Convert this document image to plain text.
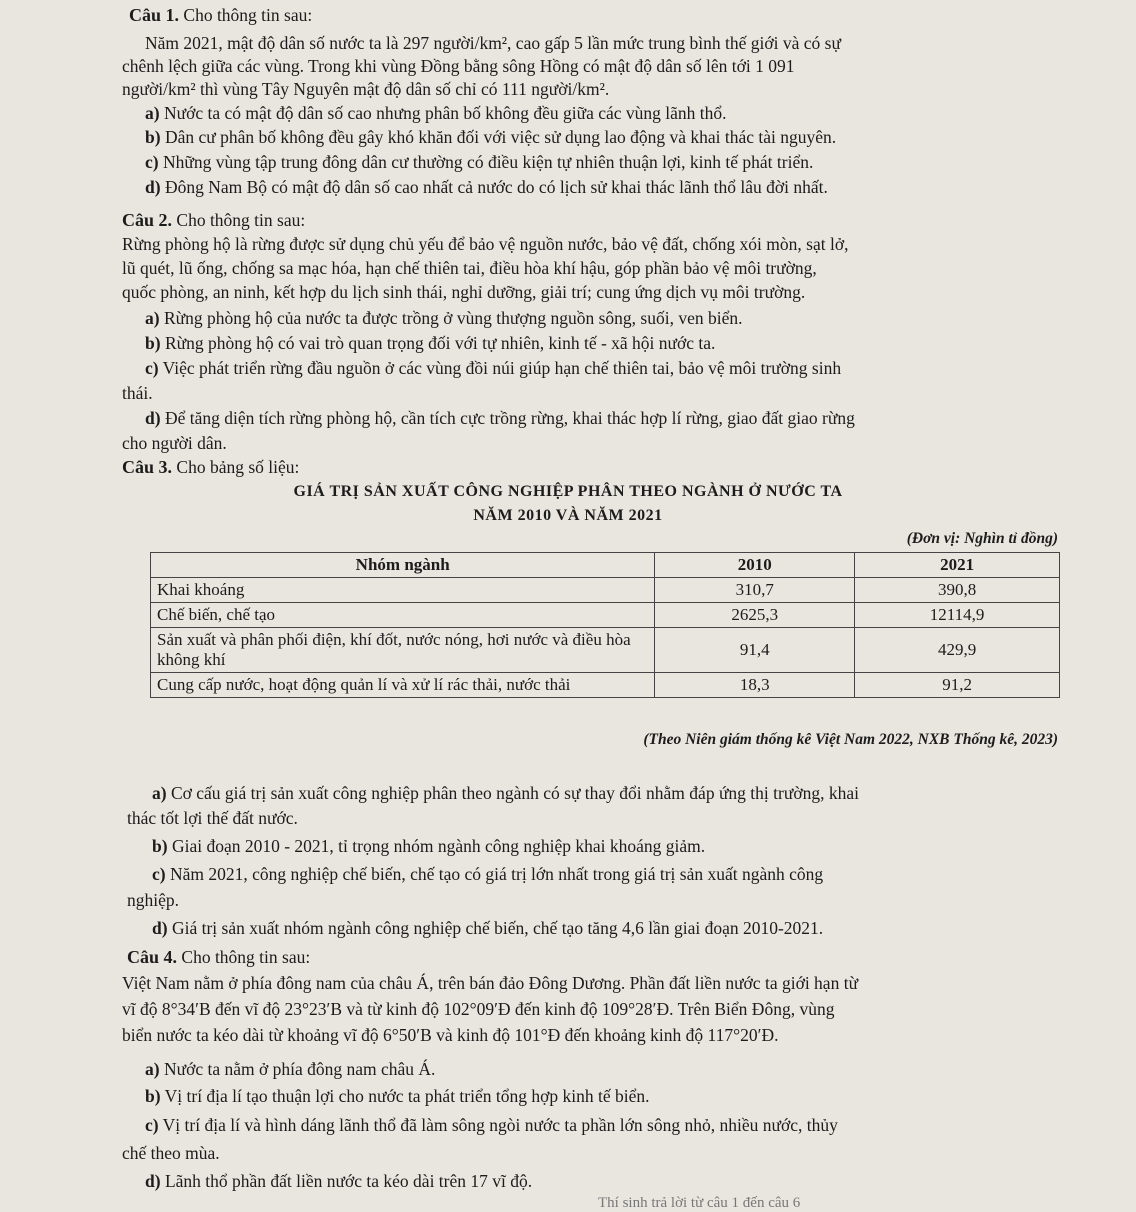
Câu 1. Cho thông tin sau:
Năm 2021, mật độ dân số nước ta là 297 người/km², cao gấp 5 lần mức trung bình thế giới và có sự
chênh lệch giữa các vùng. Trong khi vùng Đồng bằng sông Hồng có mật độ dân số lên tới 1 091
người/km² thì vùng Tây Nguyên mật độ dân số chỉ có 111 người/km².
a) Nước ta có mật độ dân số cao nhưng phân bố không đều giữa các vùng lãnh thổ.
b) Dân cư phân bố không đều gây khó khăn đối với việc sử dụng lao động và khai thác tài nguyên.
c) Những vùng tập trung đông dân cư thường có điều kiện tự nhiên thuận lợi, kinh tế phát triển.
d) Đông Nam Bộ có mật độ dân số cao nhất cả nước do có lịch sử khai thác lãnh thổ lâu đời nhất.
Câu 2. Cho thông tin sau:
Rừng phòng hộ là rừng được sử dụng chủ yếu để bảo vệ nguồn nước, bảo vệ đất, chống xói mòn, sạt lở,
lũ quét, lũ ống, chống sa mạc hóa, hạn chế thiên tai, điều hòa khí hậu, góp phần bảo vệ môi trường,
quốc phòng, an ninh, kết hợp du lịch sinh thái, nghỉ dưỡng, giải trí; cung ứng dịch vụ môi trường.
a) Rừng phòng hộ của nước ta được trồng ở vùng thượng nguồn sông, suối, ven biển.
b) Rừng phòng hộ có vai trò quan trọng đối với tự nhiên, kinh tế - xã hội nước ta.
c) Việc phát triển rừng đầu nguồn ở các vùng đồi núi giúp hạn chế thiên tai, bảo vệ môi trường sinh
thái.
d) Để tăng diện tích rừng phòng hộ, cần tích cực trồng rừng, khai thác hợp lí rừng, giao đất giao rừng
cho người dân.
Câu 3. Cho bảng số liệu:
GIÁ TRỊ SẢN XUẤT CÔNG NGHIỆP PHÂN THEO NGÀNH Ở NƯỚC TA
NĂM 2010 VÀ NĂM 2021
(Đơn vị: Nghìn tỉ đồng)
Nhóm ngành	2010	2021
Khai khoáng	310,7	390,8
Chế biến, chế tạo	2625,3	12114,9
Sản xuất và phân phối điện, khí đốt, nước nóng, hơi nước và điều hòa không khí	91,4	429,9
Cung cấp nước, hoạt động quản lí và xử lí rác thải, nước thải	18,3	91,2
(Theo Niên giám thống kê Việt Nam 2022, NXB Thống kê, 2023)
a) Cơ cấu giá trị sản xuất công nghiệp phân theo ngành có sự thay đổi nhằm đáp ứng thị trường, khai
thác tốt lợi thế đất nước.
b) Giai đoạn 2010 - 2021, tỉ trọng nhóm ngành công nghiệp khai khoáng giảm.
c) Năm 2021, công nghiệp chế biến, chế tạo có giá trị lớn nhất trong giá trị sản xuất ngành công
nghiệp.
d) Giá trị sản xuất nhóm ngành công nghiệp chế biến, chế tạo tăng 4,6 lần giai đoạn 2010-2021.
Câu 4. Cho thông tin sau:
Việt Nam nằm ở phía đông nam của châu Á, trên bán đảo Đông Dương. Phần đất liền nước ta giới hạn từ
vĩ độ 8°34′B đến vĩ độ 23°23′B và từ kinh độ 102°09′Đ đến kinh độ 109°28′Đ. Trên Biển Đông, vùng
biển nước ta kéo dài từ khoảng vĩ độ 6°50′B và kinh độ 101°Đ đến khoảng kinh độ 117°20′Đ.
a) Nước ta nằm ở phía đông nam châu Á.
b) Vị trí địa lí tạo thuận lợi cho nước ta phát triển tổng hợp kinh tế biển.
c) Vị trí địa lí và hình dáng lãnh thổ đã làm sông ngòi nước ta phần lớn sông nhỏ, nhiều nước, thủy
chế theo mùa.
d) Lãnh thổ phần đất liền nước ta kéo dài trên 17 vĩ độ.
Thí sinh trả lời từ câu 1 đến câu 6
